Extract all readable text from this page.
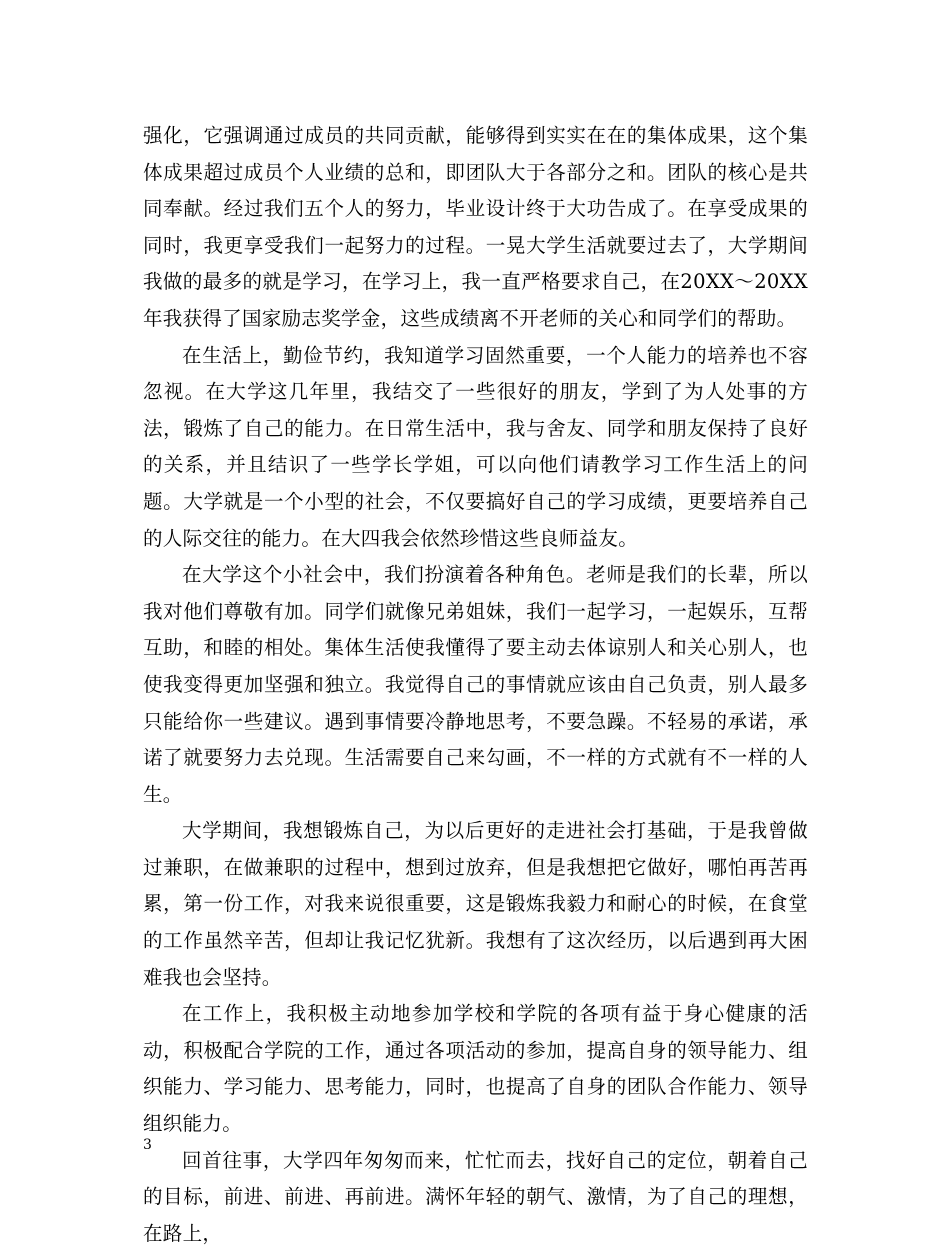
强化，它强调通过成员的共同贡献，能够得到实实在在的集体成果，这个集体成果超过成员个人业绩的总和，即团队大于各部分之和。团队的核心是共同奉献。经过我们五个人的努力，毕业设计终于大功告成了。在享受成果的同时，我更享受我们一起努力的过程。一晃大学生活就要过去了，大学期间我做的最多的就是学习，在学习上，我一直严格要求自己，在20XX～20XX年我获得了国家励志奖学金，这些成绩离不开老师的关心和同学们的帮助。

在生活上，勤俭节约，我知道学习固然重要，一个人能力的培养也不容忽视。在大学这几年里，我结交了一些很好的朋友，学到了为人处事的方法，锻炼了自己的能力。在日常生活中，我与舍友、同学和朋友保持了良好的关系，并且结识了一些学长学姐，可以向他们请教学习工作生活上的问题。大学就是一个小型的社会，不仅要搞好自己的学习成绩，更要培养自己的人际交往的能力。在大四我会依然珍惜这些良师益友。

在大学这个小社会中，我们扮演着各种角色。老师是我们的长辈，所以我对他们尊敬有加。同学们就像兄弟姐妹，我们一起学习，一起娱乐，互帮互助，和睦的相处。集体生活使我懂得了要主动去体谅别人和关心别人，也使我变得更加坚强和独立。我觉得自己的事情就应该由自己负责，别人最多只能给你一些建议。遇到事情要冷静地思考，不要急躁。不轻易的承诺，承诺了就要努力去兑现。生活需要自己来勾画，不一样的方式就有不一样的人生。

大学期间，我想锻炼自己，为以后更好的走进社会打基础，于是我曾做过兼职，在做兼职的过程中，想到过放弃，但是我想把它做好，哪怕再苦再累，第一份工作，对我来说很重要，这是锻炼我毅力和耐心的时候，在食堂的工作虽然辛苦，但却让我记忆犹新。我想有了这次经历，以后遇到再大困难我也会坚持。

在工作上，我积极主动地参加学校和学院的各项有益于身心健康的活动，积极配合学院的工作，通过各项活动的参加，提高自身的领导能力、组织能力、学习能力、思考能力，同时，也提高了自身的团队合作能力、领导组织能力。

回首往事，大学四年匆匆而来，忙忙而去，找好自己的定位，朝着自己的目标，前进、前进、再前进。满怀年轻的朝气、激情，为了自己的理想，在路上，

3
